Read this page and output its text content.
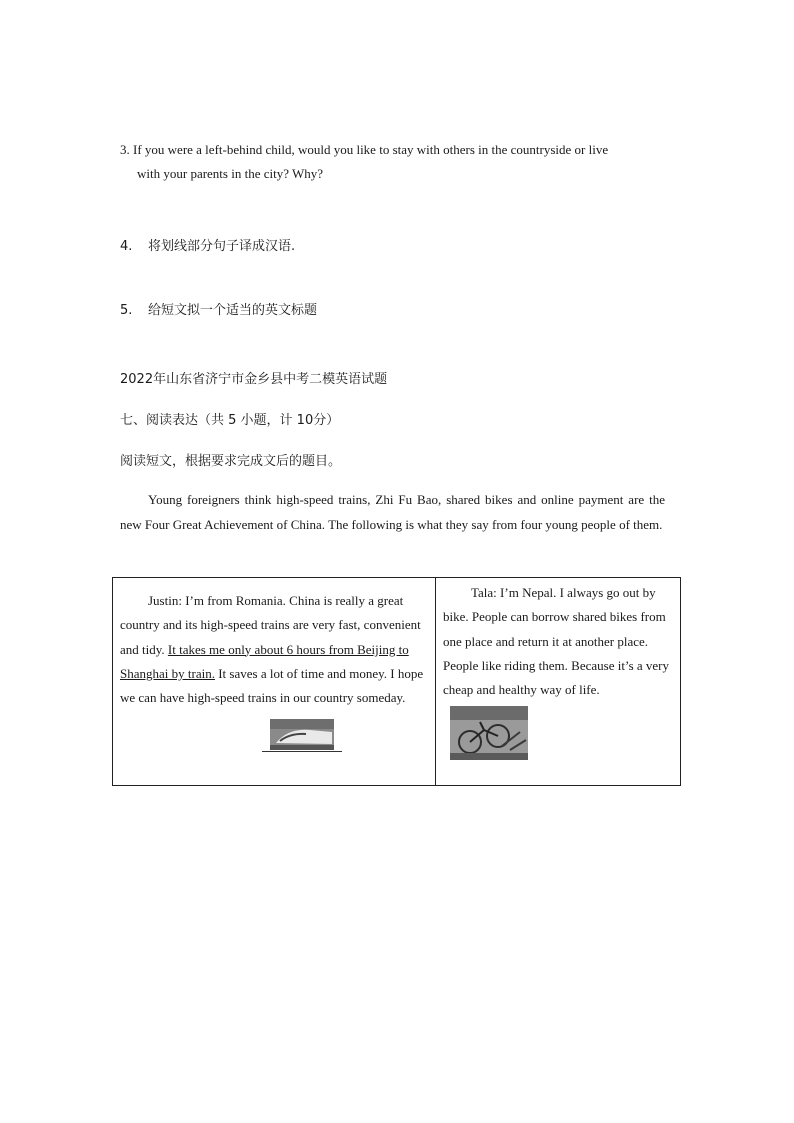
3. If you were a left-behind child, would you like to stay with others in the countryside or live
with your parents in the city? Why?
4. 将划线部分句子译成汉语.
5. 给短文拟一个适当的英文标题
2022年山东省济宁市金乡县中考二模英语试题
七、阅读表达（共 5 小题，计 10分）
阅读短文，根据要求完成文后的题目。
Young foreigners think high-speed trains, Zhi Fu Bao, shared bikes and online payment are the new Four Great Achievement of China. The following is what they say from four young people of them.
Justin: I’m from Romania. China is really a great country and its high-speed trains are very fast, convenient and tidy. It takes me only about 6 hours from Beijing to Shanghai by train. It saves a lot of time and money. I hope we can have high-speed trains in our country someday.
Tala: I’m Nepal. I always go out by bike. People can borrow shared bikes from one place and return it at another place. People like riding them. Because it’s a very cheap and healthy way of life.
